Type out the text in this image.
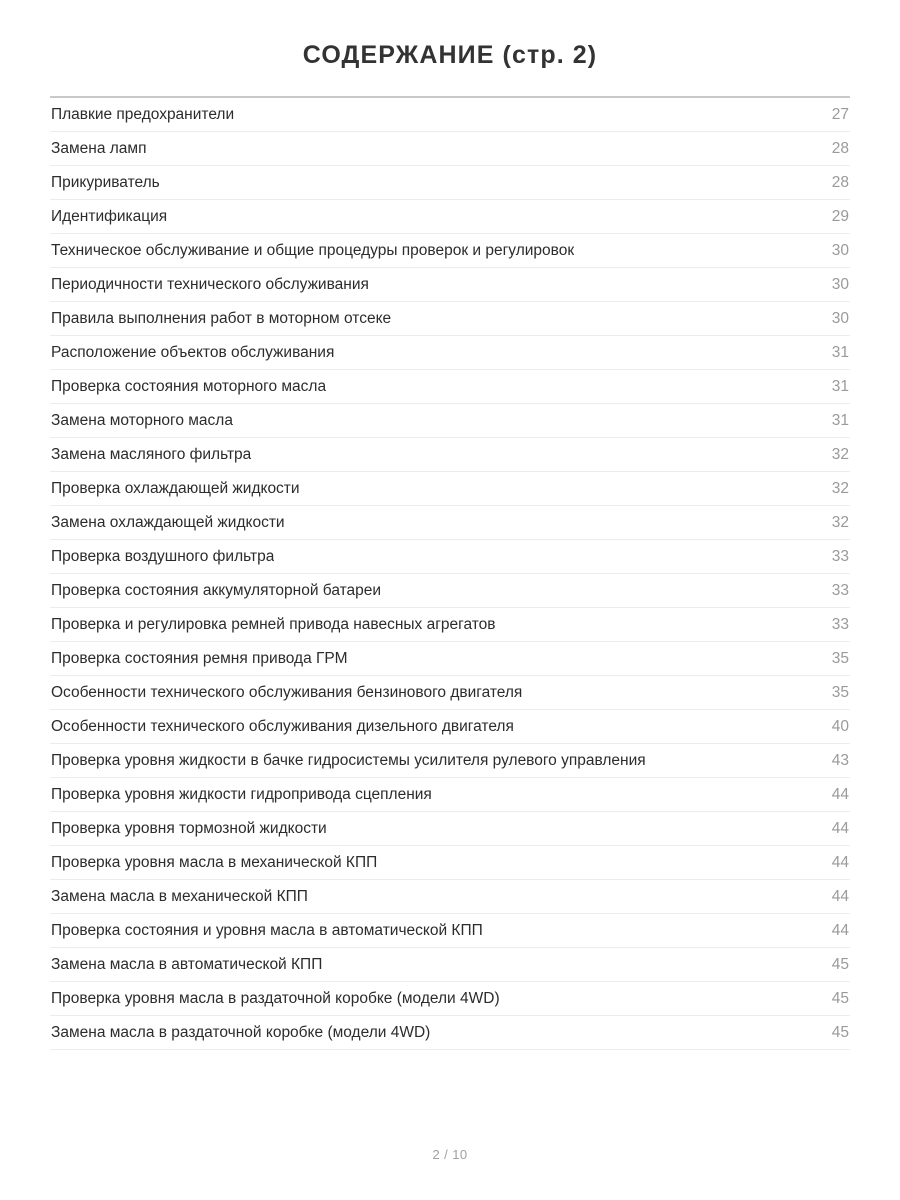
СОДЕРЖАНИЕ (стр. 2)
Плавкие предохранители	27
Замена ламп	28
Прикуриватель	28
Идентификация	29
Техническое обслуживание и общие процедуры проверок и регулировок	30
Периодичности технического обслуживания	30
Правила выполнения работ в моторном отсеке	30
Расположение объектов обслуживания	31
Проверка состояния моторного масла	31
Замена моторного масла	31
Замена масляного фильтра	32
Проверка охлаждающей жидкости	32
Замена охлаждающей жидкости	32
Проверка воздушного фильтра	33
Проверка состояния аккумуляторной батареи	33
Проверка и регулировка ремней привода навесных агрегатов	33
Проверка состояния ремня привода ГРМ	35
Особенности технического обслуживания бензинового двигателя	35
Особенности технического обслуживания дизельного двигателя	40
Проверка уровня жидкости в бачке гидросистемы усилителя рулевого управления	43
Проверка уровня жидкости гидропривода сцепления	44
Проверка уровня тормозной жидкости	44
Проверка уровня масла в механической КПП	44
Замена масла в механической КПП	44
Проверка состояния и уровня масла в автоматической КПП	44
Замена масла в автоматической КПП	45
Проверка уровня масла в раздаточной коробке (модели 4WD)	45
Замена масла в раздаточной коробке (модели 4WD)	45
2 / 10
